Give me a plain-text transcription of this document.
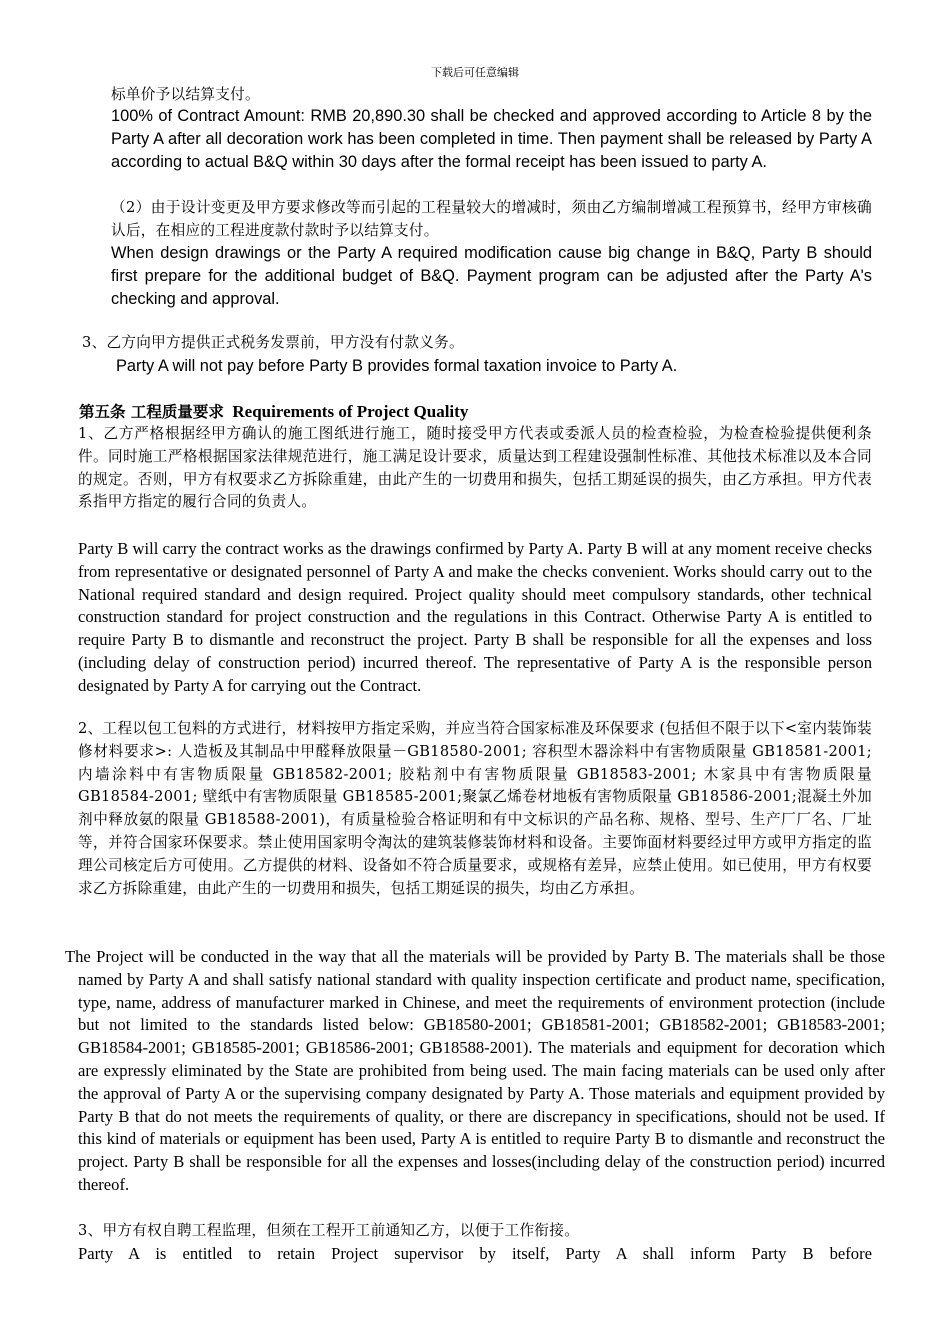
下载后可任意编辑

标单价予以结算支付。

100% of Contract Amount: RMB 20,890.30 shall be checked and approved according to Article 8 by the Party A after all decoration work has been completed in time. Then payment shall be released by Party A according to actual B&Q within 30 days after the formal receipt has been issued to party A.

（2）由于设计变更及甲方要求修改等而引起的工程量较大的增减时，须由乙方编制增减工程预算书，经甲方审核确认后，在相应的工程进度款付款时予以结算支付。

When design drawings or the Party A required modification cause big change in B&Q, Party B should first prepare for the additional budget of B&Q. Payment program can be adjusted after the Party A's checking and approval.

3、乙方向甲方提供正式税务发票前，甲方没有付款义务。

Party A will not pay before Party B provides formal taxation invoice to Party A.

第五条 工程质量要求 Requirements of Project Quality

1、乙方严格根据经甲方确认的施工图纸进行施工，随时接受甲方代表或委派人员的检查检验，为检查检验提供便利条件。同时施工严格根据国家法律规范进行，施工满足设计要求，质量达到工程建设强制性标准、其他技术标准以及本合同的规定。否则，甲方有权要求乙方拆除重建，由此产生的一切费用和损失，包括工期延误的损失，由乙方承担。甲方代表系指甲方指定的履行合同的负责人。

Party B will carry the contract works as the drawings confirmed by Party A. Party B will at any moment receive checks from representative or designated personnel of Party A and make the checks convenient. Works should carry out to the National required standard and design required. Project quality should meet compulsory standards, other technical construction standard for project construction and the regulations in this Contract. Otherwise Party A is entitled to require Party B to dismantle and reconstruct the project. Party B shall be responsible for all the expenses and loss (including delay of construction period) incurred thereof. The representative of Party A is the responsible person designated by Party A for carrying out the Contract.

2、工程以包工包料的方式进行，材料按甲方指定采购，并应当符合国家标准及环保要求 (包括但不限于以下<室内装饰装修材料要求>: 人造板及其制品中甲醛释放限量－GB18580-2001; 容积型木器涂料中有害物质限量 GB18581-2001; 内墙涂料中有害物质限量 GB18582-2001; 胶粘剂中有害物质限量 GB18583-2001; 木家具中有害物质限量 GB18584-2001; 壁纸中有害物质限量 GB18585-2001;聚氯乙烯卷材地板有害物质限量 GB18586-2001;混凝土外加剂中释放氨的限量 GB18588-2001)，有质量检验合格证明和有中文标识的产品名称、规格、型号、生产厂厂名、厂址等，并符合国家环保要求。禁止使用国家明令淘汰的建筑装修装饰材料和设备。主要饰面材料要经过甲方或甲方指定的监理公司核定后方可使用。乙方提供的材料、设备如不符合质量要求，或规格有差异，应禁止使用。如已使用，甲方有权要求乙方拆除重建，由此产生的一切费用和损失，包括工期延误的损失，均由乙方承担。

The Project will be conducted in the way that all the materials will be provided by Party B. The materials shall be those named by Party A and shall satisfy national standard with quality inspection certificate and product name, specification, type, name, address of manufacturer marked in Chinese, and meet the requirements of environment protection (include but not limited to the standards listed below: GB18580-2001; GB18581-2001; GB18582-2001; GB18583-2001; GB18584-2001; GB18585-2001; GB18586-2001; GB18588-2001). The materials and equipment for decoration which are expressly eliminated by the State are prohibited from being used. The main facing materials can be used only after the approval of Party A or the supervising company designated by Party A. Those materials and equipment provided by Party B that do not meets the requirements of quality, or there are discrepancy in specifications, should not be used. If this kind of materials or equipment has been used, Party A is entitled to require Party B to dismantle and reconstruct the project. Party B shall be responsible for all the expenses and losses(including delay of the construction period) incurred thereof.

3、甲方有权自聘工程监理，但须在工程开工前通知乙方，以便于工作衔接。

Party A is entitled to retain Project supervisor by itself, Party A shall inform Party B before
